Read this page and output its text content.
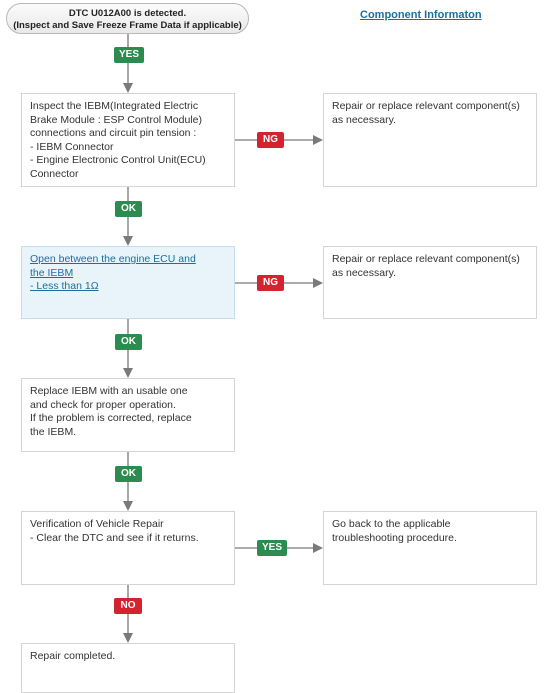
DTC U012A00 is detected.
(Inspect and Save Freeze Frame Data if applicable)
Component Informaton
Inspect the IEBM(Integrated Electric
Brake Module : ESP Control Module)
connections and circuit pin tension :
- IEBM Connector
- Engine Electronic Control Unit(ECU)
Connector
Open between the engine ECU and
the IEBM
- Less than 1Ω
Replace IEBM with an usable one
and check for proper operation.
If the problem is corrected, replace
the IEBM.
Verification of Vehicle Repair
- Clear the DTC and see if it returns.
Repair completed.
Repair or replace relevant component(s)
as necessary.
Repair or replace relevant component(s)
as necessary.
Go back to the applicable
troubleshooting procedure.
YES
OK
NG
OK
NG
OK
YES
NO
